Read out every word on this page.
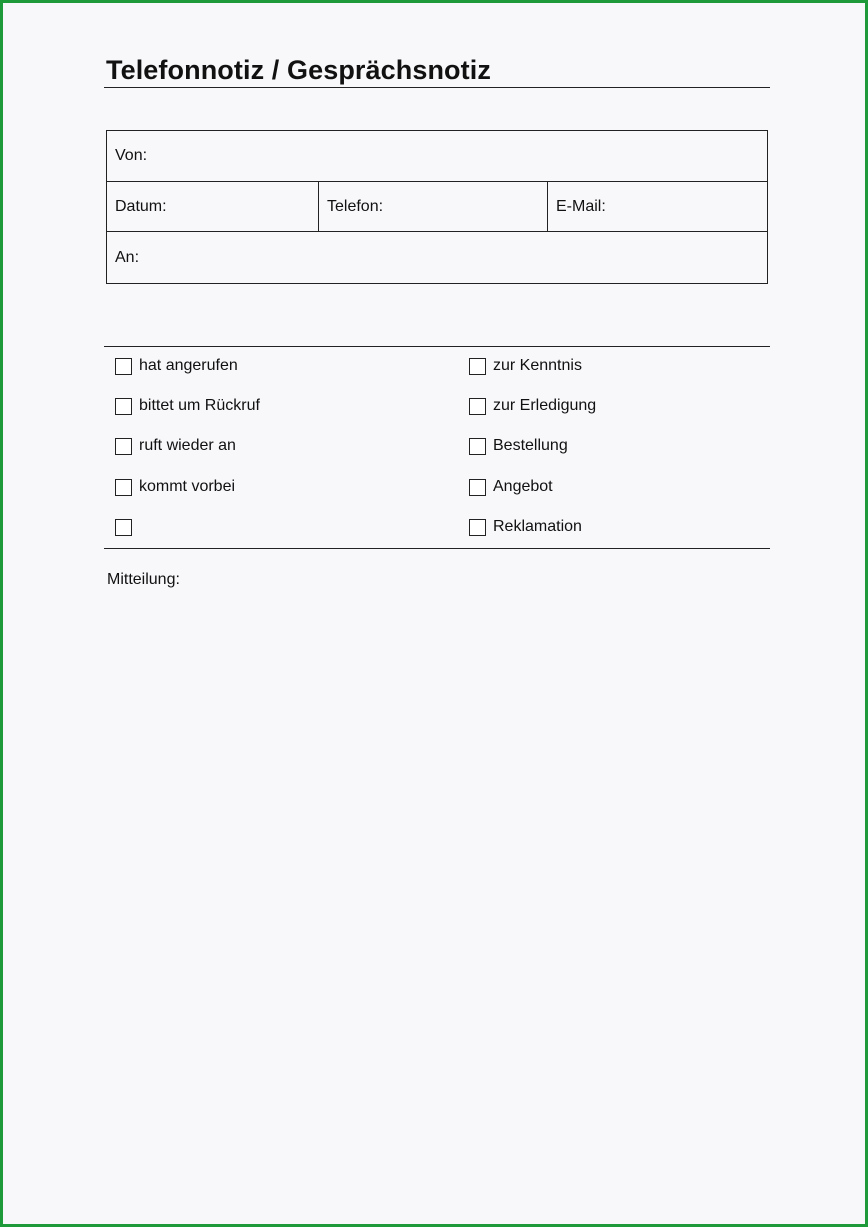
Telefonnotiz / Gesprächsnotiz
Von:
Datum:	Telefon:	E-Mail:
An:
hat angerufen
bittet um Rückruf
ruft wieder an
kommt vorbei
zur Kenntnis
zur Erledigung
Bestellung
Angebot
Reklamation
Mitteilung:
